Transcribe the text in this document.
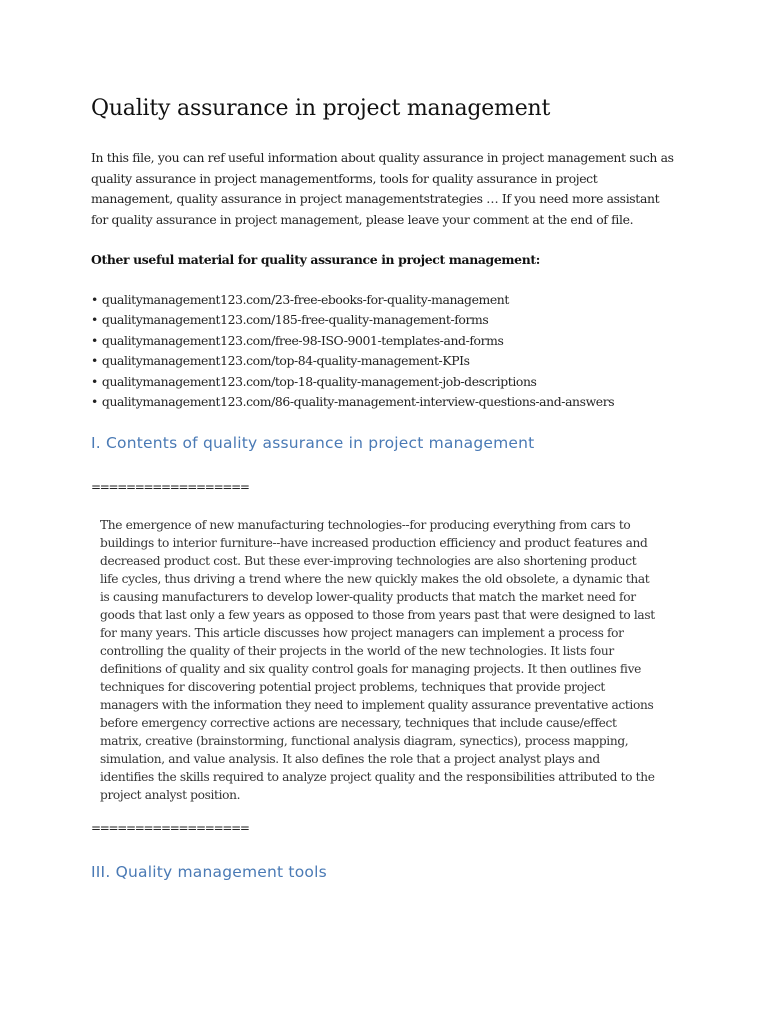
Quality assurance in project management

In this file, you can ref useful information about quality assurance in project management such as
quality assurance in project managementforms, tools for quality assurance in project
management, quality assurance in project managementstrategies … If you need more assistant
for quality assurance in project management, please leave your comment at the end of file.

Other useful material for quality assurance in project management:

• qualitymanagement123.com/23-free-ebooks-for-quality-management
• qualitymanagement123.com/185-free-quality-management-forms
• qualitymanagement123.com/free-98-ISO-9001-templates-and-forms
• qualitymanagement123.com/top-84-quality-management-KPIs
• qualitymanagement123.com/top-18-quality-management-job-descriptions
• qualitymanagement123.com/86-quality-management-interview-questions-and-answers
I. Contents of quality assurance in project management
==================

The emergence of new manufacturing technologies--for producing everything from cars to
buildings to interior furniture--have increased production efficiency and product features and
decreased product cost. But these ever-improving technologies are also shortening product
life cycles, thus driving a trend where the new quickly makes the old obsolete, a dynamic that
is causing manufacturers to develop lower-quality products that match the market need for
goods that last only a few years as opposed to those from years past that were designed to last
for many years. This article discusses how project managers can implement a process for
controlling the quality of their projects in the world of the new technologies. It lists four
definitions of quality and six quality control goals for managing projects. It then outlines five
techniques for discovering potential project problems, techniques that provide project
managers with the information they need to implement quality assurance preventative actions
before emergency corrective actions are necessary, techniques that include cause/effect
matrix, creative (brainstorming, functional analysis diagram, synectics), process mapping,
simulation, and value analysis. It also defines the role that a project analyst plays and
identifies the skills required to analyze project quality and the responsibilities attributed to the
project analyst position.

==================
III. Quality management tools
